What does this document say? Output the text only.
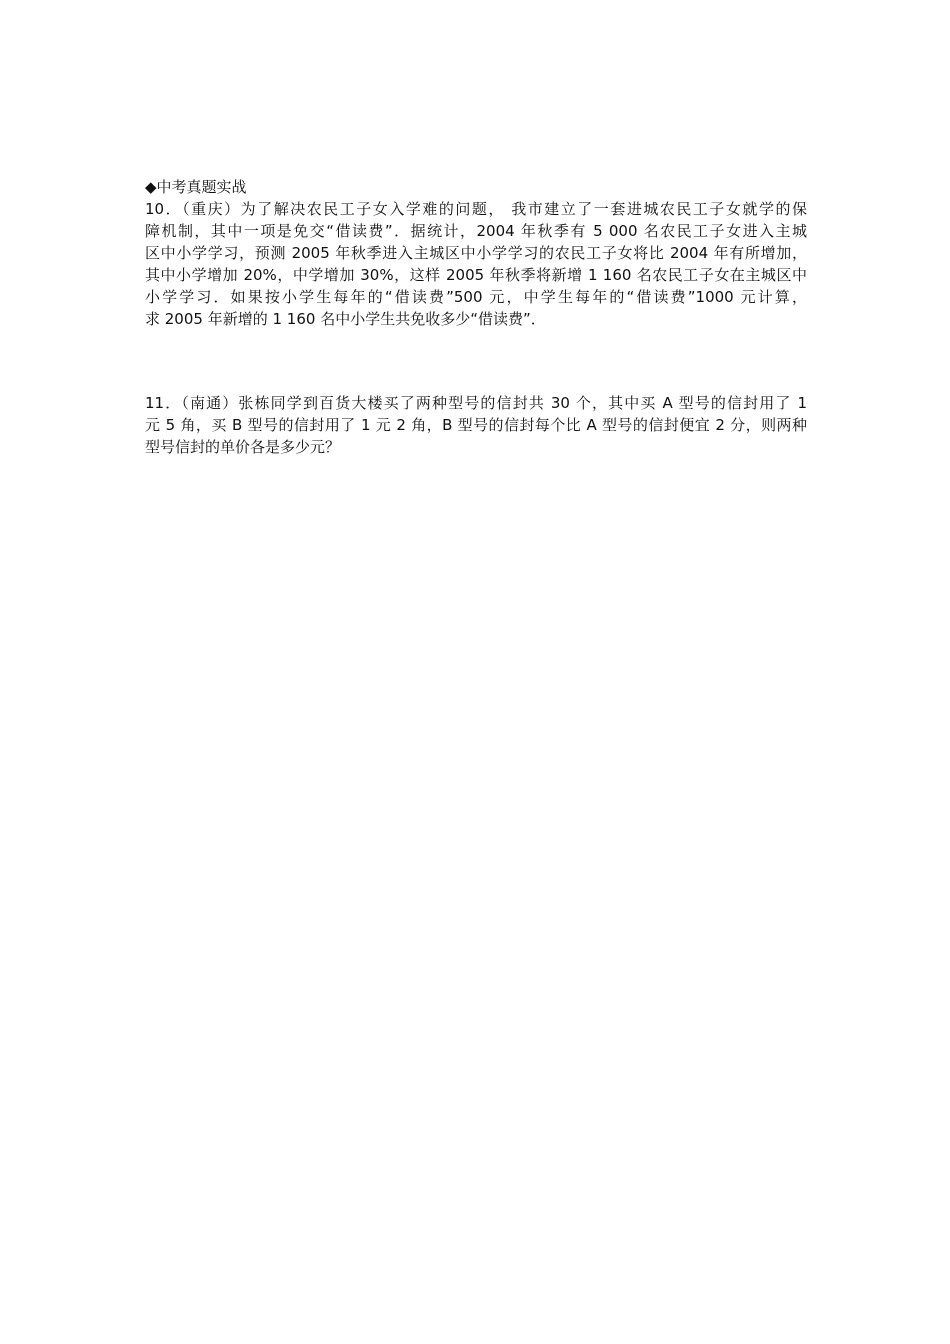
◆中考真题实战

10．（重庆）为了解决农民工子女入学难的问题， 我市建立了一套进城农民工子女就学的保
障机制，其中一项是免交“借读费”．据统计，2004 年秋季有 5 000 名农民工子女进入主城
区中小学学习，预测 2005 年秋季进入主城区中小学学习的农民工子女将比 2004 年有所增加，
其中小学增加 20%，中学增加 30%，这样 2005 年秋季将新增 1 160 名农民工子女在主城区中
小学学习．如果按小学生每年的“借读费”500 元，中学生每年的“借读费”1000 元计算，
求 2005 年新增的 1 160 名中小学生共免收多少“借读费”．
11．（南通）张栋同学到百货大楼买了两种型号的信封共 30 个，其中买 A 型号的信封用了 1
元 5 角，买 B 型号的信封用了 1 元 2 角，B 型号的信封每个比 A 型号的信封便宜 2 分，则两种
型号信封的单价各是多少元？
